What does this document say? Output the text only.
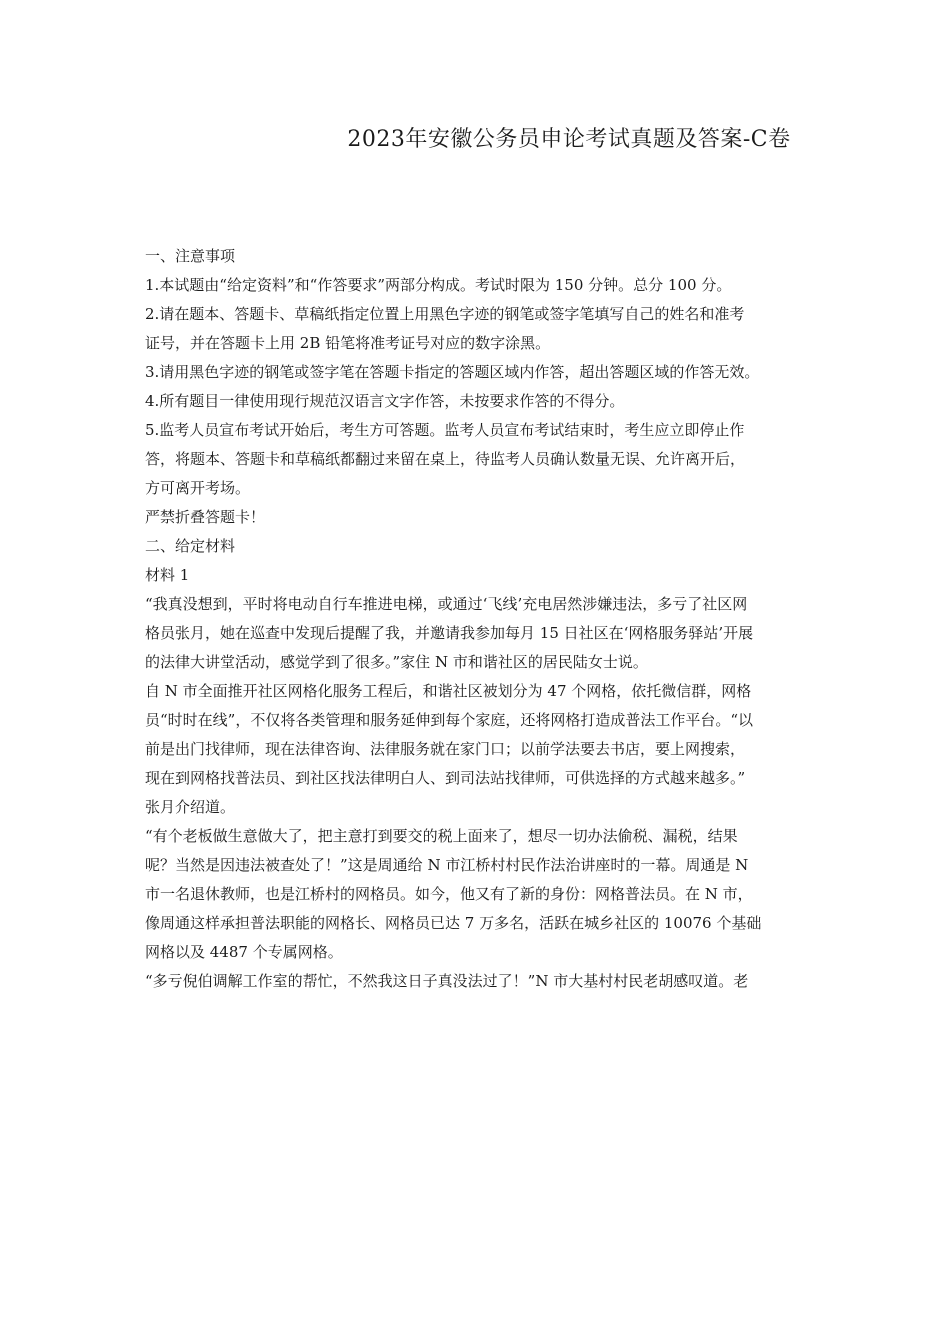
2023年安徽公务员申论考试真题及答案-C卷

一、注意事项

1.本试题由“给定资料”和“作答要求”两部分构成。考试时限为 150 分钟。总分 100 分。

2.请在题本、答题卡、草稿纸指定位置上用黑色字迹的钢笔或签字笔填写自己的姓名和准考

证号，并在答题卡上用 2B 铅笔将准考证号对应的数字涂黑。

3.请用黑色字迹的钢笔或签字笔在答题卡指定的答题区域内作答，超出答题区域的作答无效。

4.所有题目一律使用现行规范汉语言文字作答，未按要求作答的不得分。

5.监考人员宣布考试开始后，考生方可答题。监考人员宣布考试结束时，考生应立即停止作

答，将题本、答题卡和草稿纸都翻过来留在桌上，待监考人员确认数量无误、允许离开后，

方可离开考场。

严禁折叠答题卡！

二、给定材料

材料 1

“我真没想到，平时将电动自行车推进电梯，或通过‘飞线’充电居然涉嫌违法，多亏了社区网

格员张月，她在巡查中发现后提醒了我，并邀请我参加每月 15 日社区在‘网格服务驿站’开展

的法律大讲堂活动，感觉学到了很多。”家住 N 市和谐社区的居民陆女士说。

自 N 市全面推开社区网格化服务工程后，和谐社区被划分为 47 个网格，依托微信群，网格

员“时时在线”，不仅将各类管理和服务延伸到每个家庭，还将网格打造成普法工作平台。“以

前是出门找律师，现在法律咨询、法律服务就在家门口；以前学法要去书店，要上网搜索，

现在到网格找普法员、到社区找法律明白人、到司法站找律师，可供选择的方式越来越多。”

张月介绍道。

“有个老板做生意做大了，把主意打到要交的税上面来了，想尽一切办法偷税、漏税，结果

呢？当然是因违法被查处了！”这是周通给 N 市江桥村村民作法治讲座时的一幕。周通是 N

市一名退休教师，也是江桥村的网格员。如今，他又有了新的身份：网格普法员。在 N 市，

像周通这样承担普法职能的网格长、网格员已达 7 万多名，活跃在城乡社区的 10076 个基础

网格以及 4487 个专属网格。

“多亏倪伯调解工作室的帮忙，不然我这日子真没法过了！”N 市大基村村民老胡感叹道。老
